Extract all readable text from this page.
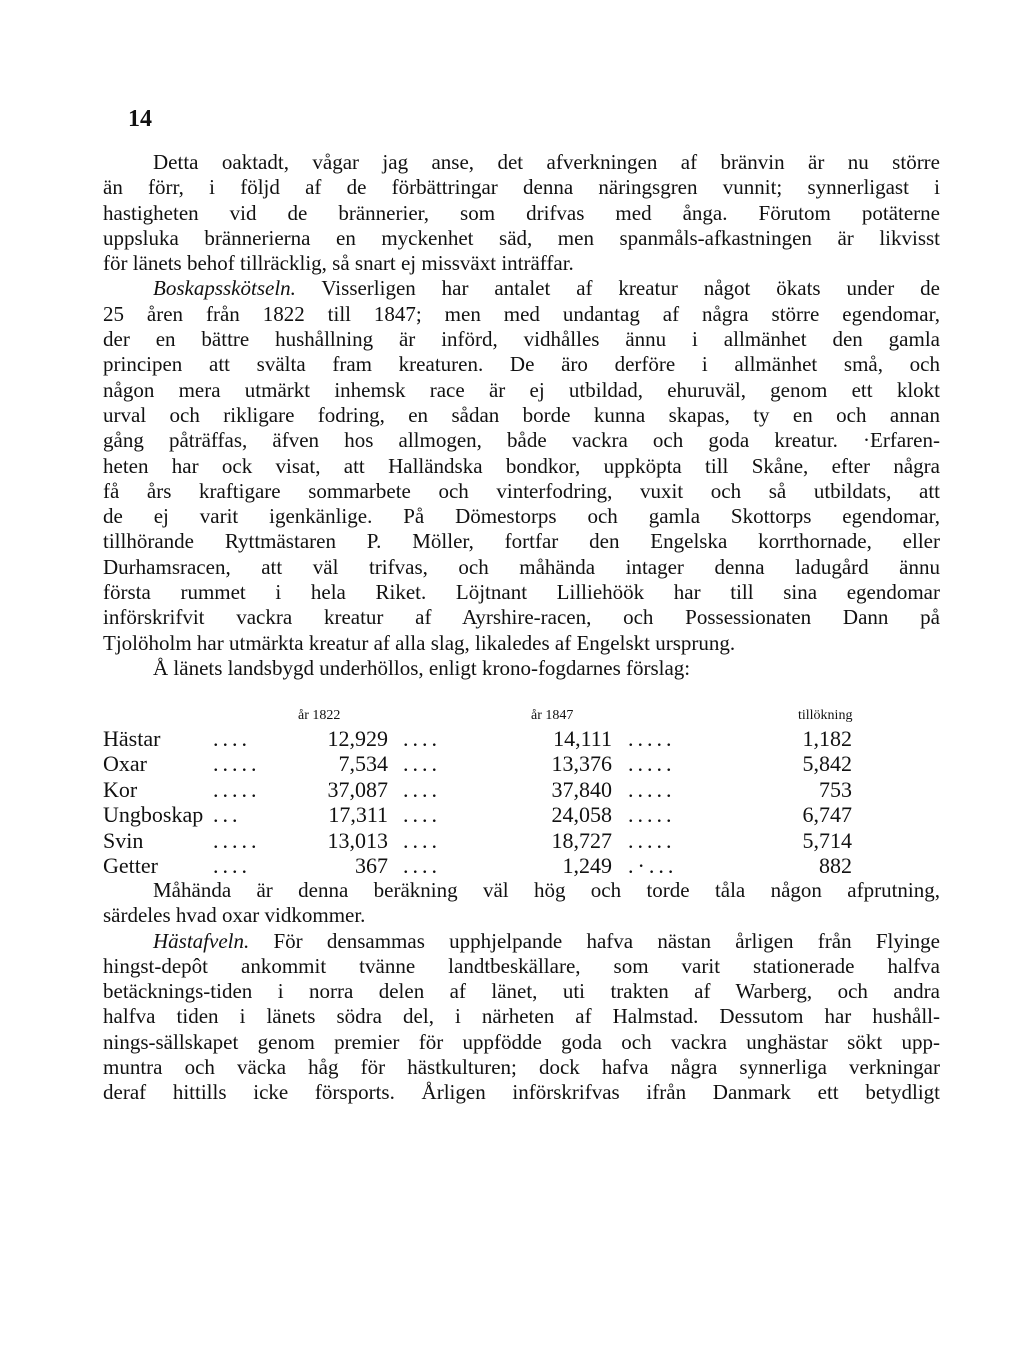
14
Detta oaktadt, vågar jag anse, det afverkningen af bränvin är nu större
än förr, i följd af de förbättringar denna näringsgren vunnit; synnerligast i
hastigheten vid de brännerier, som drifvas med ånga. Förutom potäterne
uppsluka brännerierna en myckenhet säd, men spanmåls-afkastningen är likvisst
för länets behof tillräcklig, så snart ej missväxt inträffar.
Boskapsskötseln. Visserligen har antalet af kreatur något ökats under de
25 åren från 1822 till 1847; men med undantag af några större egendomar,
der en bättre hushållning är införd, vidhålles ännu i allmänhet den gamla
principen att svälta fram kreaturen. De äro derföre i allmänhet små, och
någon mera utmärkt inhemsk race är ej utbildad, ehuruväl, genom ett klokt
urval och rikligare fodring, en sådan borde kunna skapas, ty en och annan
gång påträffas, äfven hos allmogen, både vackra och goda kreatur. ·Erfaren-
heten har ock visat, att Halländska bondkor, uppköpta till Skåne, efter några
få års kraftigare sommarbete och vinterfodring, vuxit och så utbildats, att
de ej varit igenkänlige. På Dömestorps och gamla Skottorps egendomar,
tillhörande Ryttmästaren P. Möller, fortfar den Engelska korrthornade, eller
Durhamsracen, att väl trifvas, och måhända intager denna ladugård ännu
första rummet i hela Riket. Löjtnant Lilliehöök har till sina egendomar
införskrifvit vackra kreatur af Ayrshire-racen, och Possessionaten Dann på
Tjolöholm har utmärkta kreatur af alla slag, likaledes af Engelskt ursprung.
Å länets landsbygd underhöllos, enligt krono-fogdarnes förslag:
år 1822	år 1847	tillökning
Hästar ....	12,929 ....	14,111 .....	1,182
Oxar	.....	7,534 ....	13,376 .....	5,842
Kor	.....	37,087 ....	37,840 .....	753
Ungboskap ...	17,311 ....	24,058 .....	6,747
Svin	.....	13,013 ....	18,727 .....	5,714
Getter	....	367 ....	1,249 .·...	882
Måhända är denna beräkning väl hög och torde tåla någon afprutning,
särdeles hvad oxar vidkommer.
Hästafveln. För densammas upphjelpande hafva nästan årligen från Flyinge
hingst-depôt ankommit tvänne landtbeskällare, som varit stationerade halfva
betäcknings-tiden i norra delen af länet, uti trakten af Warberg, och andra
halfva tiden i länets södra del, i närheten af Halmstad. Dessutom har hushåll-
nings-sällskapet genom premier för uppfödde goda och vackra unghästar sökt upp-
muntra och väcka håg för hästkulturen; dock hafva några synnerliga verkningar
deraf hittills icke försports. Årligen införskrifvas ifrån Danmark ett betydligt
